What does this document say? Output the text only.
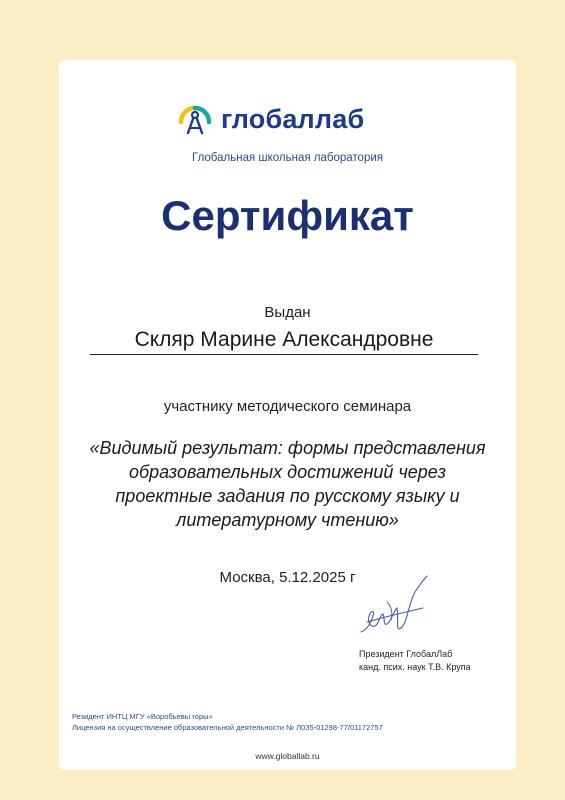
глобаллаб
Глобальная школьная лаборатория
Сертификат
Выдан
Скляр Марине Александровне
участнику методического семинара
«Видимый результат: формы представления
образовательных достижений через
проектные задания по русскому языку и
литературному чтению»
Москва, 5.12.2025 г
Президент ГлобалЛаб
канд. псих. наук Т.В. Крупа
Резидент ИНТЦ МГУ «Воробьевы горы»
Лицензия на осуществление образовательной деятельности № Л035-01298-77/01172757
www.globallab.ru
